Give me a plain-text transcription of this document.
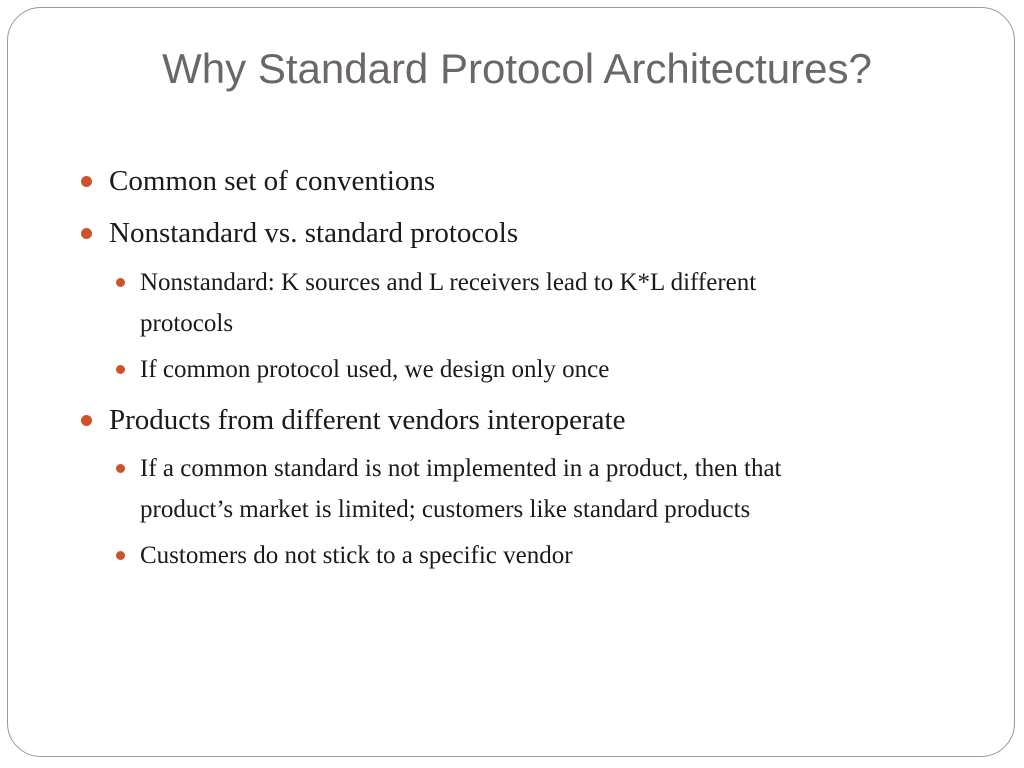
Why Standard Protocol Architectures?
Common set of conventions
Nonstandard vs. standard protocols
Nonstandard: K sources and L receivers lead to K*L different
protocols
If common protocol used, we design only once
Products from different vendors interoperate
If a common standard is not implemented in a product, then that
product’s market is limited; customers like standard products
Customers do not stick to a specific vendor
